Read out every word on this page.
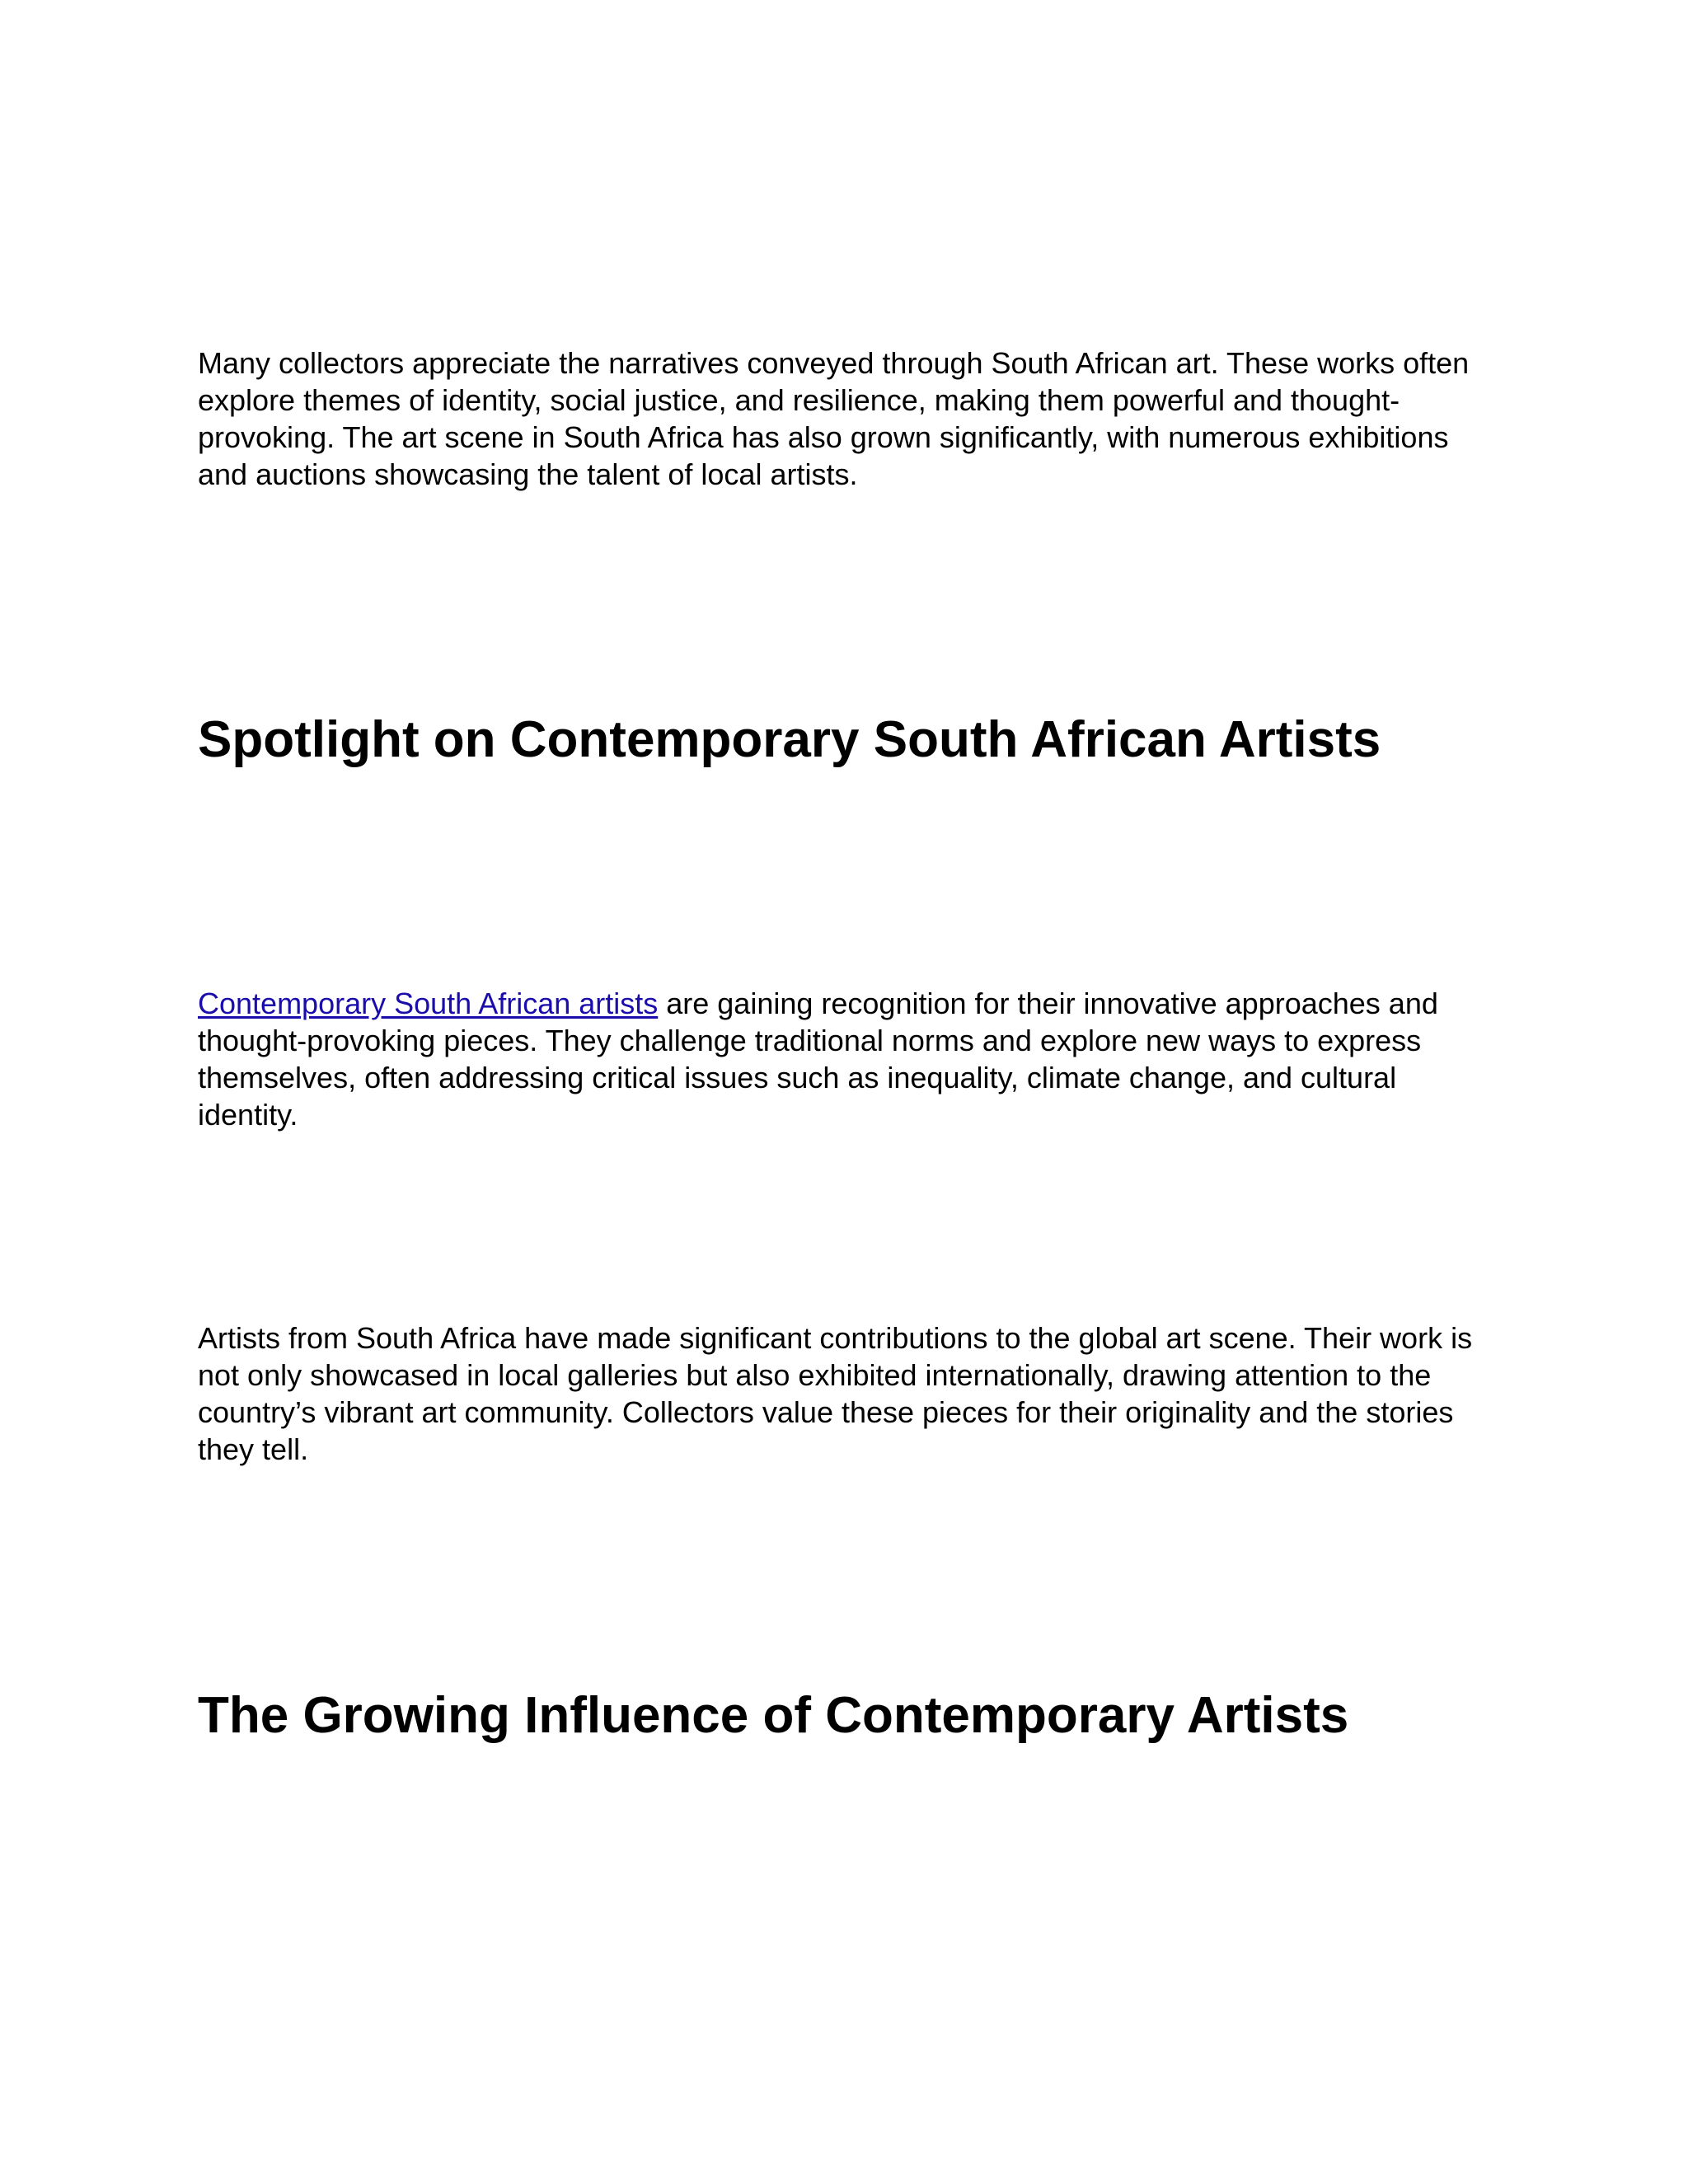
Many collectors appreciate the narratives conveyed through South African art. These works often explore themes of identity, social justice, and resilience, making them powerful and thought-provoking. The art scene in South Africa has also grown significantly, with numerous exhibitions and auctions showcasing the talent of local artists.

Spotlight on Contemporary South African Artists

Contemporary South African artists are gaining recognition for their innovative approaches and thought-provoking pieces. They challenge traditional norms and explore new ways to express themselves, often addressing critical issues such as inequality, climate change, and cultural identity.

Artists from South Africa have made significant contributions to the global art scene. Their work is not only showcased in local galleries but also exhibited internationally, drawing attention to the country’s vibrant art community. Collectors value these pieces for their originality and the stories they tell.

The Growing Influence of Contemporary Artists
